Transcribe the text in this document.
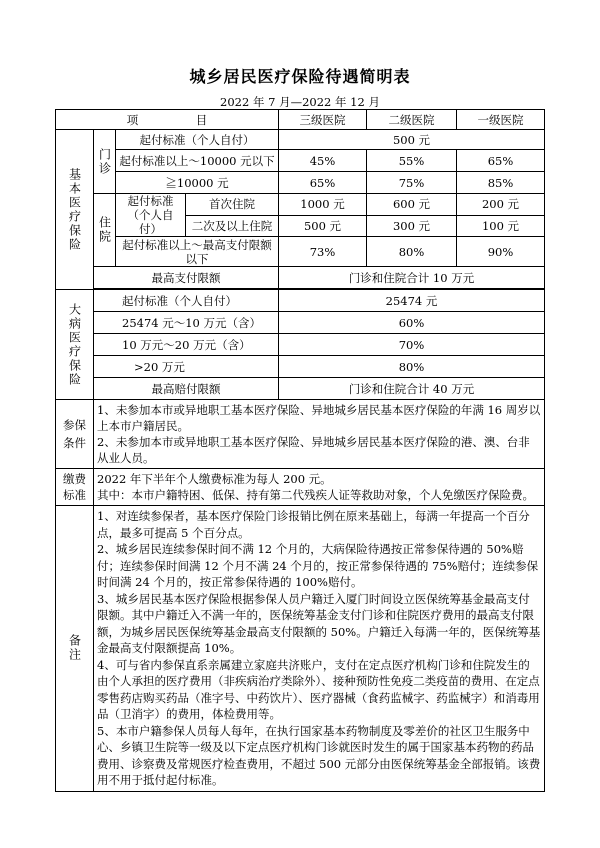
城乡居民医疗保险待遇简明表
2022 年 7 月—2022 年 12 月
项　　　　　目				三级医院	二级医院	一级医院
基本医疗保险	门诊	起付标准（个人自付）		500 元		
		起付标准以上～10000 元以下		45%	55%	65%
		≧10000 元		65%	75%	85%
	住院	起付标准（个人自付）	首次住院	1000 元	600 元	200 元
			二次及以上住院	500 元	300 元	100 元
		起付标准以上～最高支付限额以下		73%	80%	90%
	最高支付限额			门诊和住院合计 10 万元		

大病医疗保险	起付标准（个人自付）			25474 元		
	25474 元～10 万元（含）			60%		
	10 万元～20 万元（含）			70%		
	>20 万元			80%		
	最高赔付限额			门诊和住院合计 40 万元		
参保条件	1、未参加本市或异地职工基本医疗保险、异地城乡居民基本医疗保险的年满 16 周岁以上本市户籍居民。
2、未参加本市或异地职工基本医疗保险、异地城乡居民基本医疗保险的港、澳、台非从业人员。					

缴费标准	2022 年下半年个人缴费标准为每人 200 元。
其中：本市户籍特困、低保、持有第二代残疾人证等救助对象，个人免缴医疗保险费。					

备注	1、对连续参保者，基本医疗保险门诊报销比例在原来基础上，每满一年提高一个百分点，最多可提高 5 个百分点。
2、城乡居民连续参保时间不满 12 个月的，大病保险待遇按正常参保待遇的 50%赔付；连续参保时间满 12 个月不满 24 个月的，按正常参保待遇的 75%赔付；连续参保时间满 24 个月的，按正常参保待遇的 100%赔付。
3、城乡居民基本医疗保险根据参保人员户籍迁入厦门时间设立医保统筹基金最高支付限额。其中户籍迁入不满一年的，医保统筹基金支付门诊和住院医疗费用的最高支付限额，为城乡居民医保统筹基金最高支付限额的 50%。户籍迁入每满一年的，医保统筹基金最高支付限额提高 10%。
4、可与省内参保直系亲属建立家庭共济账户，支付在定点医疗机构门诊和住院发生的由个人承担的医疗费用（非疾病治疗类除外）、接种预防性免疫二类疫苗的费用、在定点零售药店购买药品（准字号、中药饮片）、医疗器械（食药监械字、药监械字）和消毒用品（卫消字）的费用，体检费用等。
5、本市户籍参保人员每人每年，在执行国家基本药物制度及零差价的社区卫生服务中心、乡镇卫生院等一级及以下定点医疗机构门诊就医时发生的属于国家基本药物的药品费用、诊察费及常规医疗检查费用，不超过 500 元部分由医保统筹基金全部报销。该费用不用于抵付起付标准。					
